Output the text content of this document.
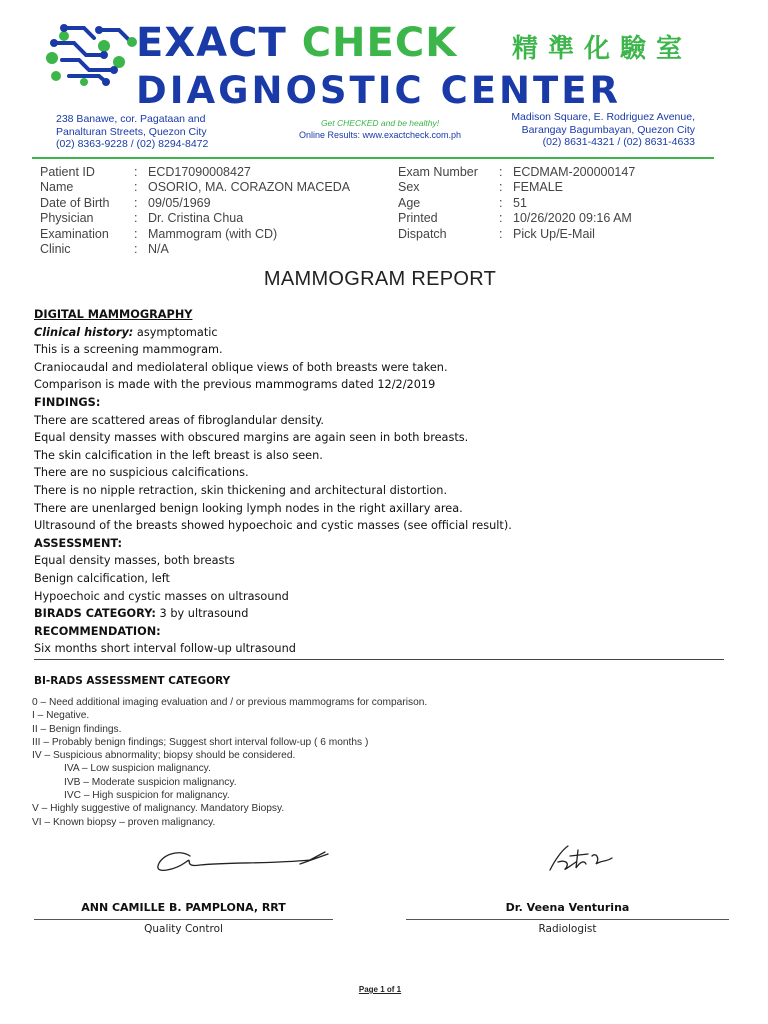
EXACT CHECK 精準化驗室
DIAGNOSTIC CENTER
238 Banawe, cor. Pagataan and
Panalturan Streets, Quezon City
(02) 8363-9228 / (02) 8294-8472
Get CHECKED and be healthy!
Online Results: www.exactcheck.com.ph
Madison Square, E. Rodriguez Avenue,
Barangay Bagumbayan, Quezon City
(02) 8631-4321 / (02) 8631-4633
Patient ID	: ECD17090008427
Name	: OSORIO, MA. CORAZON MACEDA
Date of Birth	: 09/05/1969
Physician	: Dr. Cristina Chua
Examination	: Mammogram (with CD)
Clinic	: N/A
Exam Number	: ECDMAM-200000147
Sex	: FEMALE
Age	: 51
Printed	: 10/26/2020 09:16 AM
Dispatch	: Pick Up/E-Mail
MAMMOGRAM REPORT
DIGITAL MAMMOGRAPHY
Clinical history: asymptomatic
This is a screening mammogram.
Craniocaudal and mediolateral oblique views of both breasts were taken.
Comparison is made with the previous mammograms dated 12/2/2019
FINDINGS:
There are scattered areas of fibroglandular density.
Equal density masses with obscured margins are again seen in both breasts.
The skin calcification in the left breast is also seen.
There are no suspicious calcifications.
There is no nipple retraction, skin thickening and architectural distortion.
There are unenlarged benign looking lymph nodes in the right axillary area.
Ultrasound of the breasts showed hypoechoic and cystic masses (see official result).
ASSESSMENT:
Equal density masses, both breasts
Benign calcification, left
Hypoechoic and cystic masses on ultrasound
BIRADS CATEGORY: 3 by ultrasound
RECOMMENDATION:
Six months short interval follow-up ultrasound
BI-RADS ASSESSMENT CATEGORY
0 – Need additional imaging evaluation and / or previous mammograms for comparison.
I – Negative.
II – Benign findings.
III – Probably benign findings; Suggest short interval follow-up ( 6 months )
IV – Suspicious abnormality; biopsy should be considered.
IVA – Low suspicion malignancy.
IVB – Moderate suspicion malignancy.
IVC – High suspicion for malignancy.
V – Highly suggestive of malignancy. Mandatory Biopsy.
VI – Known biopsy – proven malignancy.
ANN CAMILLE B. PAMPLONA, RRT
Quality Control
Dr. Veena Venturina
Radiologist
Page 1 of 1
